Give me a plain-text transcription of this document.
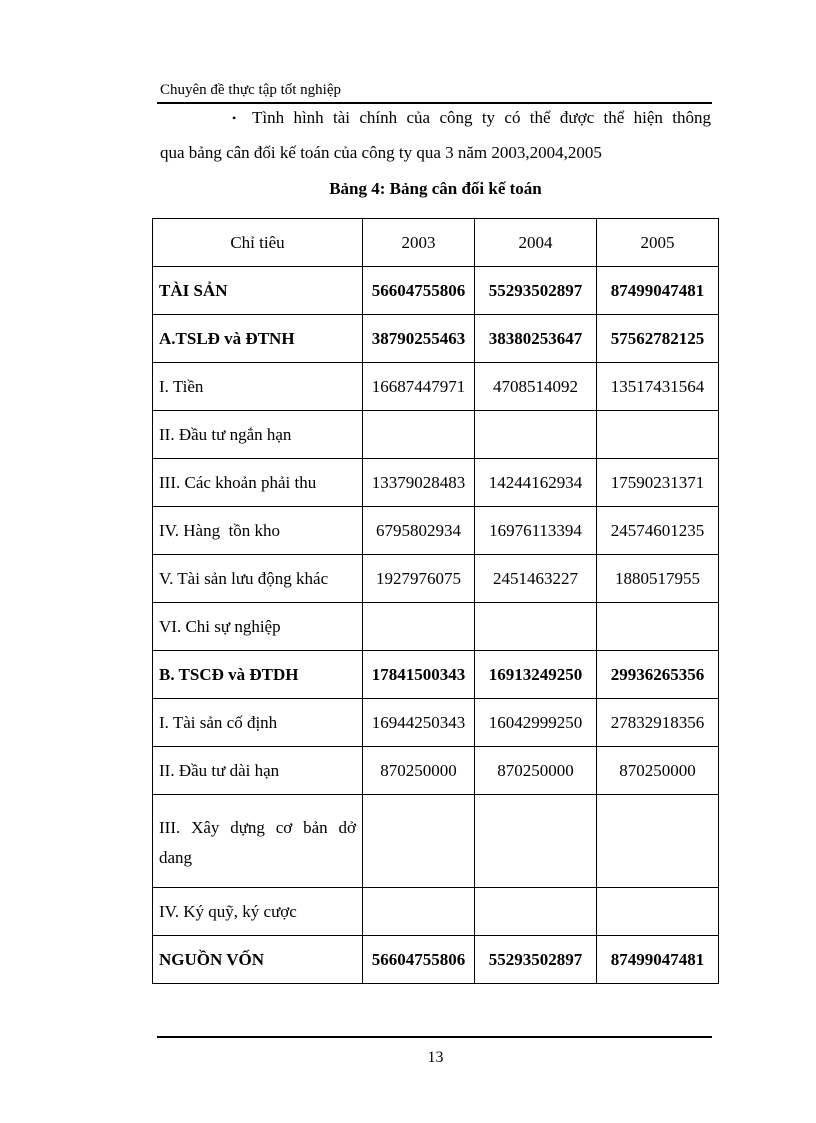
Chuyên đề thực tập tốt nghiệp
• Tình hình tài chính của công ty có thể được thể hiện thông
qua bảng cân đối kế toán của công ty qua 3 năm 2003,2004,2005
Bảng 4: Bảng cân đối kế toán
Chỉ tiêu	2003	2004	2005
TÀI SẢN	56604755806	55293502897	87499047481
A.TSLĐ và ĐTNH	38790255463	38380253647	57562782125
I. Tiền	16687447971	4708514092	13517431564
II. Đầu tư ngắn hạn			
III. Các khoản phải thu	13379028483	14244162934	17590231371
IV. Hàng  tồn kho	6795802934	16976113394	24574601235
V. Tài sản lưu động khác	1927976075	2451463227	1880517955
VI. Chi sự nghiệp			
B. TSCĐ và ĐTDH	17841500343	16913249250	29936265356
I. Tài sản cố định	16944250343	16042999250	27832918356
II. Đầu tư dài hạn	870250000	870250000	870250000
III. Xây dựng cơ bản dở dang			
IV. Ký quỹ, ký cược			
NGUỒN VỐN	56604755806	55293502897	87499047481
13
